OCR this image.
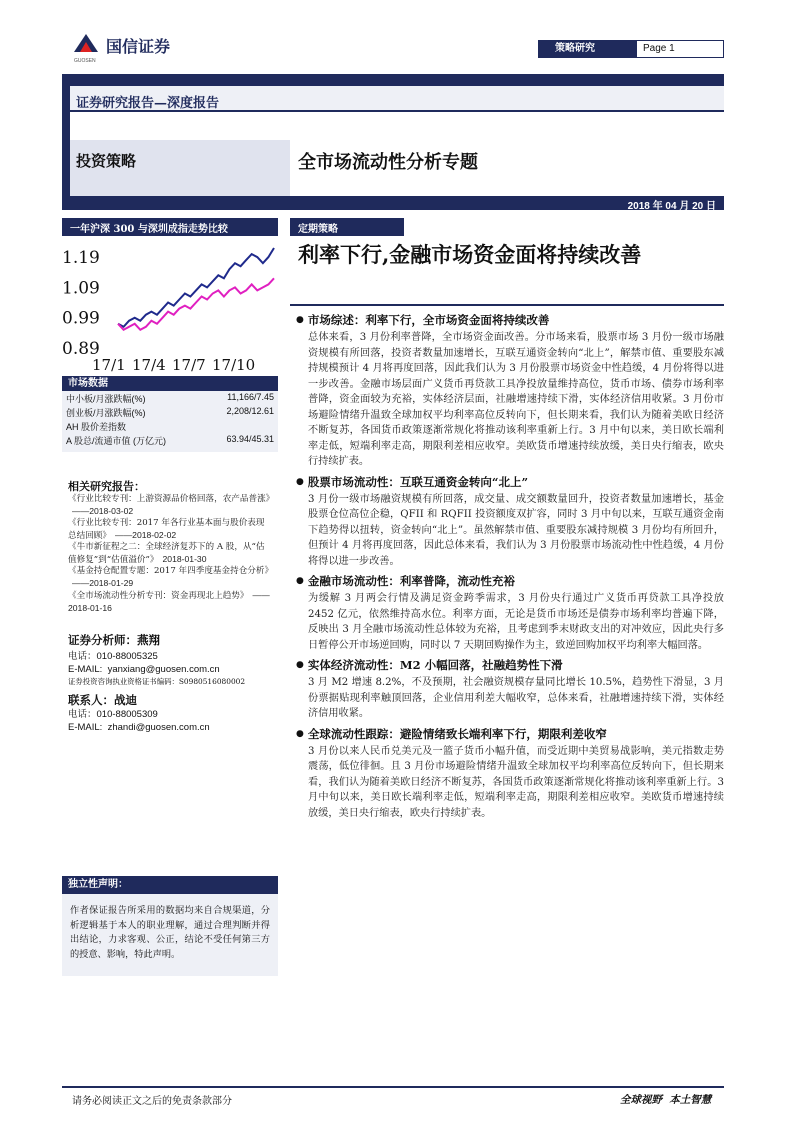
国信证券
GUOSEN
策略研究	Page 1
证券研究报告—深度报告
投资策略	全市场流动性分析专题
2018 年 04 月 20 日
一年沪深 300 与深圳成指走势比较
0.89
0.99
1.09
1.19
17/1 17/4 17/7 17/10
市场数据
中小板/月涨跌幅(%)	11,166/7.45
创业板/月涨跌幅(%)	2,208/12.61
AH 股价差指数
A 股总/流通市值 (万亿元)	63.94/45.31
相关研究报告：
《行业比较专刊：上游资源品价格回落，农产品普涨》——2018-03-02
《行业比较专刊：2017 年各行业基本面与股价表现总结回顾》 ——2018-02-02
《牛市新征程之二：全球经济复苏下的 A 股，从“估值修复”到“估值溢价”》 2018-01-30
《基金持仓配置专题：2017 年四季度基金持仓分析》——2018-01-29
《全市场流动性分析专刊：资金再现北上趋势》 ——2018-01-16
证券分析师：燕翔
电话：010-88005325
E-MAIL: yanxiang@guosen.com.cn
证券投资咨询执业资格证书编码：S0980516080002
联系人：战迪
电话：010-88005309
E-MAIL: zhandi@guosen.com.cn
独立性声明：
作者保证报告所采用的数据均来自合规渠道，分析逻辑基于本人的职业理解，通过合理判断并得出结论，力求客观、公正，结论不受任何第三方的授意、影响，特此声明。
定期策略
利率下行,金融市场资金面将持续改善
● 市场综述：利率下行，全市场资金面将持续改善
总体来看，3 月份利率普降，全市场资金面改善。分市场来看，股票市场 3 月份一级市场融资规模有所回落，投资者数量加速增长，互联互通资金转向“北上”，解禁市值、重要股东减持规模预计 4 月将再度回落，因此我们认为 3 月份股票市场资金中性趋缓，4 月份将得以进一步改善。金融市场层面广义货币再贷款工具净投放量维持高位，货币市场、债券市场利率普降，资金面较为充裕，实体经济层面，社融增速持续下滑，实体经济信用收紧。3 月份市场避险情绪升温致全球加权平均利率高位反转向下，但长期来看，我们认为随着美欧日经济不断复苏，各国货币政策逐渐常规化将推动该利率重新上行。3 月中旬以来，美日欧长端利率走低，短端利率走高，期限利差相应收窄。美欧货币增速持续放缓，美日央行缩表，欧央行持续扩表。
● 股票市场流动性：互联互通资金转向“北上”
3 月份一级市场融资规模有所回落，成交量、成交额数量回升，投资者数量加速增长，基金股票仓位高位企稳，QFII 和 RQFII 投资额度双扩容，同时 3 月中旬以来，互联互通资金南下趋势得以扭转，资金转向“北上”。虽然解禁市值、重要股东减持规模 3 月份均有所回升，但预计 4 月将再度回落，因此总体来看，我们认为 3 月份股票市场流动性中性趋缓，4 月份将得以进一步改善。
● 金融市场流动性：利率普降，流动性充裕
为缓解 3 月两会行情及满足资金跨季需求，3 月份央行通过广义货币再贷款工具净投放 2452 亿元，依然维持高水位。利率方面，无论是货币市场还是债券市场利率均普遍下降，反映出 3 月全融市场流动性总体较为充裕，且考虑到季末财政支出的对冲效应，因此央行多日暂停公开市场逆回购，同时以 7 天期回购操作为主，致逆回购加权平均利率大幅回落。
● 实体经济流动性：M2 小幅回落，社融趋势性下滑
3 月 M2 增速 8.2%，不及预期，社会融资规模存量同比增长 10.5%，趋势性下滑显，3 月份票据贴现利率触顶回落，企业信用利差大幅收窄，总体来看，社融增速持续下滑，实体经济信用收紧。
● 全球流动性跟踪：避险情绪致长端利率下行，期限利差收窄
3 月份以来人民币兑美元及一篮子货币小幅升值，而受近期中美贸易战影响，美元指数走势震荡，低位徘徊。且 3 月份市场避险情绪升温致全球加权平均利率高位反转向下，但长期来看，我们认为随着美欧日经济不断复苏，各国货币政策逐渐常规化将推动该利率重新上行。3 月中旬以来，美日欧长端利率走低，短端利率走高，期限利差相应收窄。美欧货币增速持续放缓，美日央行缩表，欧央行持续扩表。
请务必阅读正文之后的免责条款部分	全球视野  本土智慧
